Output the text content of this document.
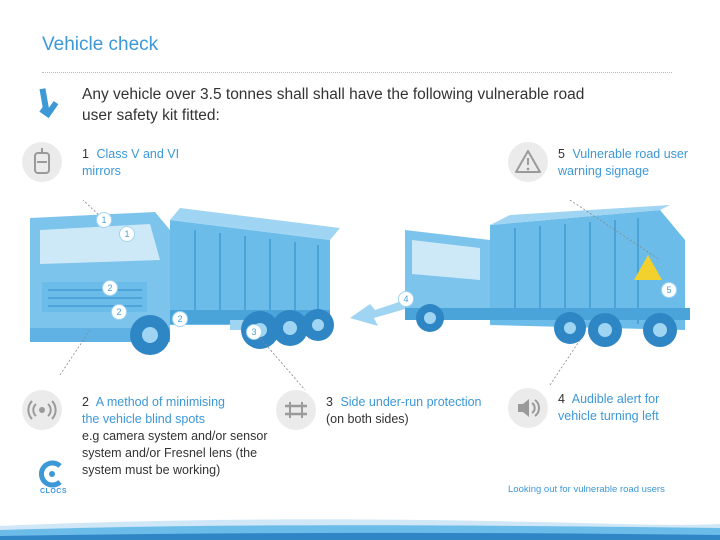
Vehicle check
Any vehicle over 3.5 tonnes shall shall have the following vulnerable road user safety kit fitted:
1 Class V and VI mirrors
5 Vulnerable road user warning signage
1
1
2
2
2
3
4
5
2 A method of minimising the vehicle blind spots
e.g camera system and/or sensor system and/or Fresnel lens (the system must be working)
3 Side under-run protection (on both sides)
4 Audible alert for vehicle turning left
CLOCS	Looking out for vulnerable road users
